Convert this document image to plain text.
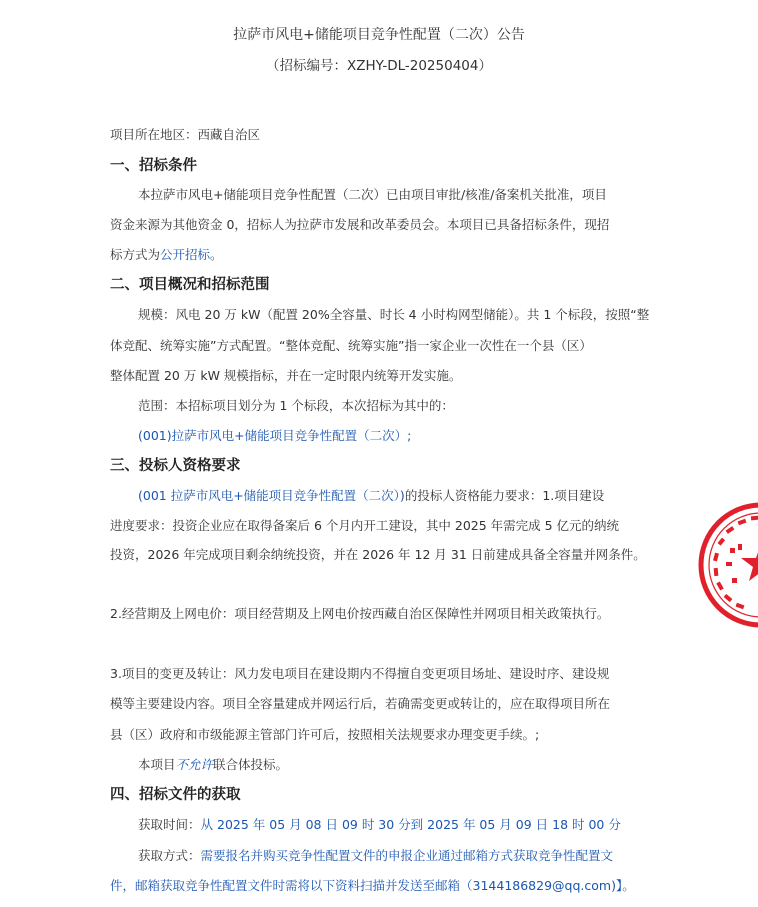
拉萨市风电+储能项目竞争性配置（二次）公告
（招标编号：XZHY-DL-20250404）
项目所在地区：西藏自治区
一、招标条件
本拉萨市风电+储能项目竞争性配置（二次）已由项目审批/核准/备案机关批准，项目
资金来源为其他资金 0，招标人为拉萨市发展和改革委员会。本项目已具备招标条件，现招
标方式为公开招标。
二、项目概况和招标范围
规模：风电 20 万 kW（配置 20%全容量、时长 4 小时构网型储能）。共 1 个标段，按照“整
体竞配、统筹实施”方式配置。“整体竞配、统筹实施”指一家企业一次性在一个县（区）
整体配置 20 万 kW 规模指标，并在一定时限内统筹开发实施。
范围：本招标项目划分为 1 个标段，本次招标为其中的：
(001)拉萨市风电+储能项目竞争性配置（二次）;
三、投标人资格要求
(001 拉萨市风电+储能项目竞争性配置（二次）)的投标人资格能力要求：1.项目建设
进度要求：投资企业应在取得备案后 6 个月内开工建设，其中 2025 年需完成 5 亿元的纳统
投资，2026 年完成项目剩余纳统投资，并在 2026 年 12 月 31 日前建成具备全容量并网条件。
2.经营期及上网电价：项目经营期及上网电价按西藏自治区保障性并网项目相关政策执行。
3.项目的变更及转让：风力发电项目在建设期内不得擅自变更项目场址、建设时序、建设规
模等主要建设内容。项目全容量建成并网运行后，若确需变更或转让的，应在取得项目所在
县（区）政府和市级能源主管部门许可后，按照相关法规要求办理变更手续。;
本项目不允许联合体投标。
四、招标文件的获取
获取时间：从 2025 年 05 月 08 日 09 时 30 分到 2025 年 05 月 09 日 18 时 00 分
获取方式：需要报名并购买竞争性配置文件的申报企业通过邮箱方式获取竞争性配置文
件，邮箱获取竞争性配置文件时需将以下资料扫描并发送至邮箱（3144186829@qq.com)】。
